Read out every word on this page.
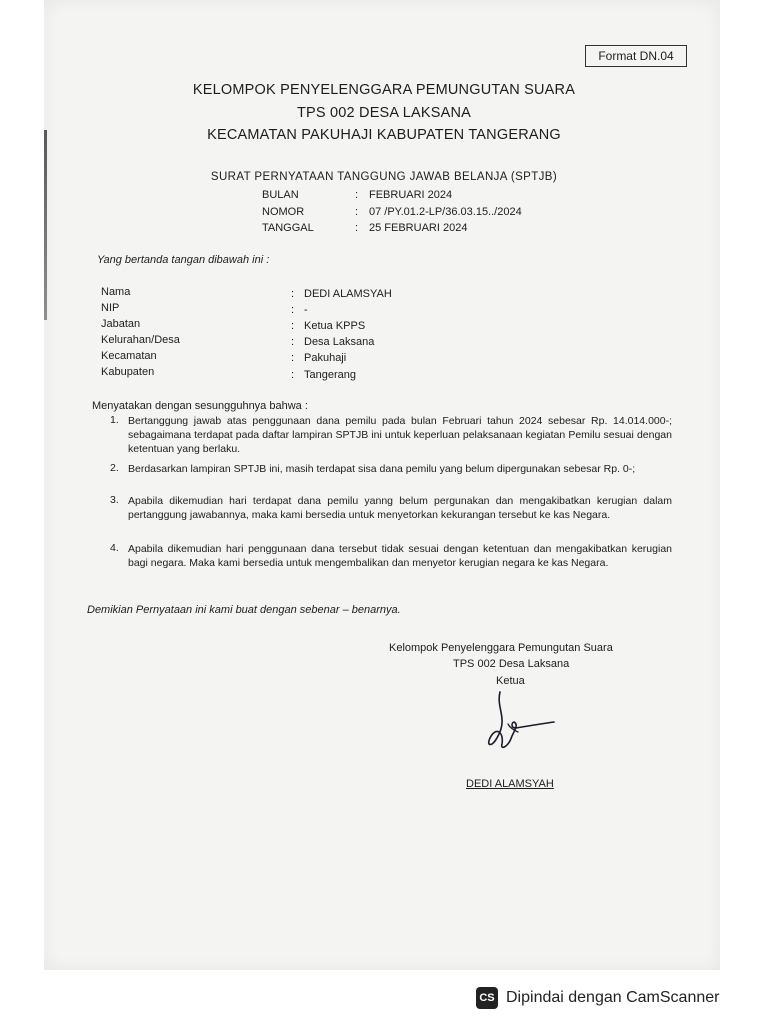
Format DN.04
KELOMPOK PENYELENGGARA PEMUNGUTAN SUARA
TPS 002 DESA LAKSANA
KECAMATAN PAKUHAJI KABUPATEN TANGERANG
SURAT PERNYATAAN TANGGUNG JAWAB BELANJA (SPTJB)
BULAN	: FEBRUARI 2024
NOMOR	: 07 /PY.01.2-LP/36.03.15../2024
TANGGAL	: 25 FEBRUARI 2024
Yang bertanda tangan dibawah ini :
Nama	: DEDI ALAMSYAH
NIP	: -
Jabatan	: Ketua KPPS
Kelurahan/Desa	: Desa Laksana
Kecamatan	: Pakuhaji
Kabupaten	: Tangerang
Menyatakan dengan sesungguhnya bahwa :
1. Bertanggung jawab atas penggunaan dana pemilu pada bulan Februari tahun 2024 sebesar Rp. 14.014.000-; sebagaimana terdapat pada daftar lampiran SPTJB ini untuk keperluan pelaksanaan kegiatan Pemilu sesuai dengan ketentuan yang berlaku.
2. Berdasarkan lampiran SPTJB ini, masih terdapat sisa dana pemilu yang belum dipergunakan sebesar Rp. 0-;
3. Apabila dikemudian hari terdapat dana pemilu yanng belum pergunakan dan mengakibatkan kerugian dalam pertanggung jawabannya, maka kami bersedia untuk menyetorkan kekurangan tersebut ke kas Negara.
4. Apabila dikemudian hari penggunaan dana tersebut tidak sesuai dengan ketentuan dan mengakibatkan kerugian bagi negara. Maka kami bersedia untuk mengembalikan dan menyetor kerugian negara ke kas Negara.
Demikian Pernyataan ini kami buat dengan sebenar – benarnya.
Kelompok Penyelenggara Pemungutan Suara
TPS 002 Desa Laksana
Ketua
DEDI ALAMSYAH
CS Dipindai dengan CamScanner
